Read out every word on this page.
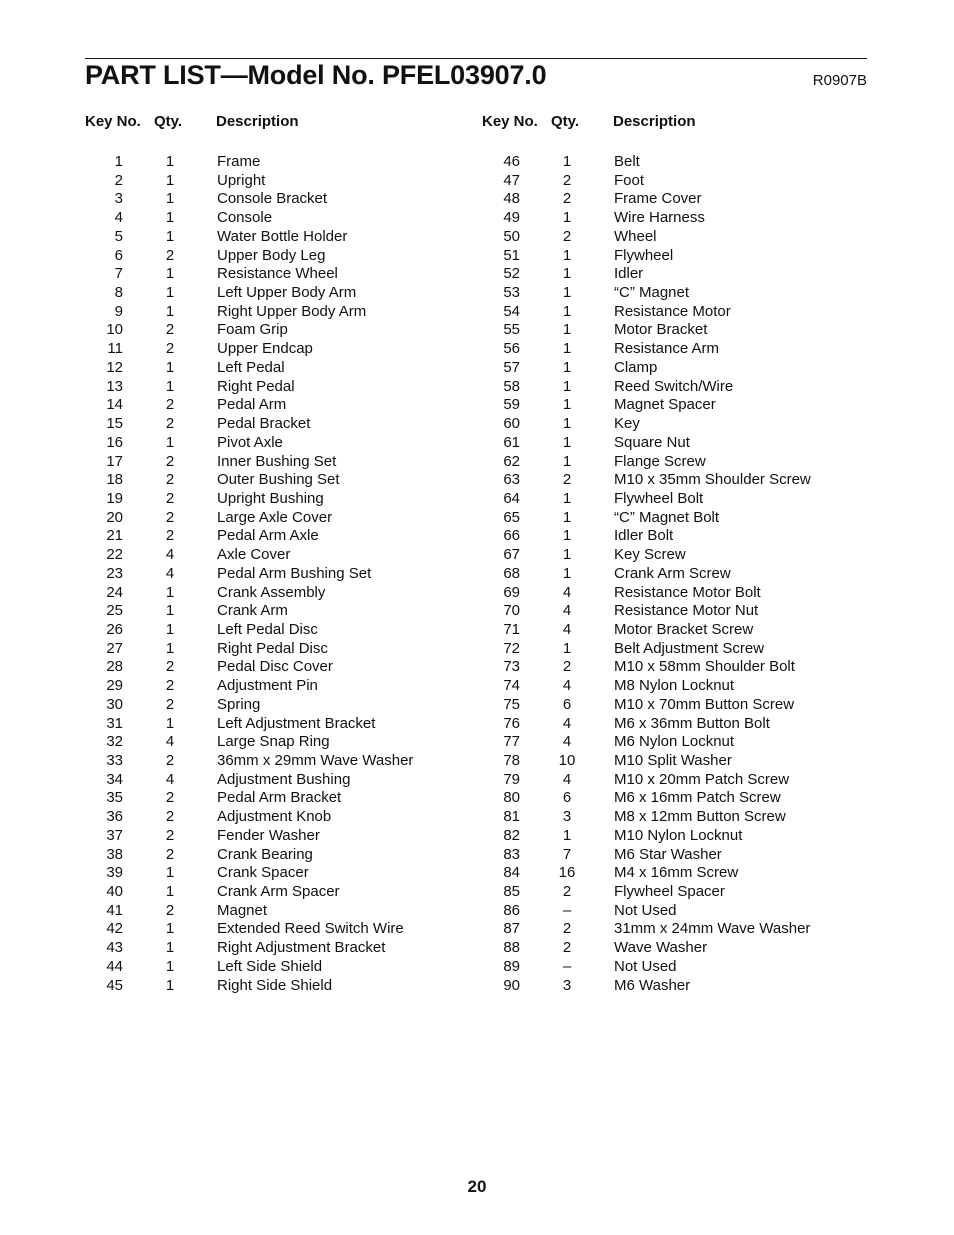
PART LIST—Model No. PFEL03907.0	R0907B
Key No. Qty. Description
1	1	Frame
2	1	Upright
3	1	Console Bracket
4	1	Console
5	1	Water Bottle Holder
6	2	Upper Body Leg
7	1	Resistance Wheel
8	1	Left Upper Body Arm
9	1	Right Upper Body Arm
10	2	Foam Grip
11	2	Upper Endcap
12	1	Left Pedal
13	1	Right Pedal
14	2	Pedal Arm
15	2	Pedal Bracket
16	1	Pivot Axle
17	2	Inner Bushing Set
18	2	Outer Bushing Set
19	2	Upright Bushing
20	2	Large Axle Cover
21	2	Pedal Arm Axle
22	4	Axle Cover
23	4	Pedal Arm Bushing Set
24	1	Crank Assembly
25	1	Crank Arm
26	1	Left Pedal Disc
27	1	Right Pedal Disc
28	2	Pedal Disc Cover
29	2	Adjustment Pin
30	2	Spring
31	1	Left Adjustment Bracket
32	4	Large Snap Ring
33	2	36mm x 29mm Wave Washer
34	4	Adjustment Bushing
35	2	Pedal Arm Bracket
36	2	Adjustment Knob
37	2	Fender Washer
38	2	Crank Bearing
39	1	Crank Spacer
40	1	Crank Arm Spacer
41	2	Magnet
42	1	Extended Reed Switch Wire
43	1	Right Adjustment Bracket
44	1	Left Side Shield
45	1	Right Side Shield
Key No. Qty. Description
46	1	Belt
47	2	Foot
48	2	Frame Cover
49	1	Wire Harness
50	2	Wheel
51	1	Flywheel
52	1	Idler
53	1	“C” Magnet
54	1	Resistance Motor
55	1	Motor Bracket
56	1	Resistance Arm
57	1	Clamp
58	1	Reed Switch/Wire
59	1	Magnet Spacer
60	1	Key
61	1	Square Nut
62	1	Flange Screw
63	2	M10 x 35mm Shoulder Screw
64	1	Flywheel Bolt
65	1	“C” Magnet Bolt
66	1	Idler Bolt
67	1	Key Screw
68	1	Crank Arm Screw
69	4	Resistance Motor Bolt
70	4	Resistance Motor Nut
71	4	Motor Bracket Screw
72	1	Belt Adjustment Screw
73	2	M10 x 58mm Shoulder Bolt
74	4	M8 Nylon Locknut
75	6	M10 x 70mm Button Screw
76	4	M6 x 36mm Button Bolt
77	4	M6 Nylon Locknut
78	10	M10 Split Washer
79	4	M10 x 20mm Patch Screw
80	6	M6 x 16mm Patch Screw
81	3	M8 x 12mm Button Screw
82	1	M10 Nylon Locknut
83	7	M6 Star Washer
84	16	M4 x 16mm Screw
85	2	Flywheel Spacer
86	–	Not Used
87	2	31mm x 24mm Wave Washer
88	2	Wave Washer
89	–	Not Used
90	3	M6 Washer
20
